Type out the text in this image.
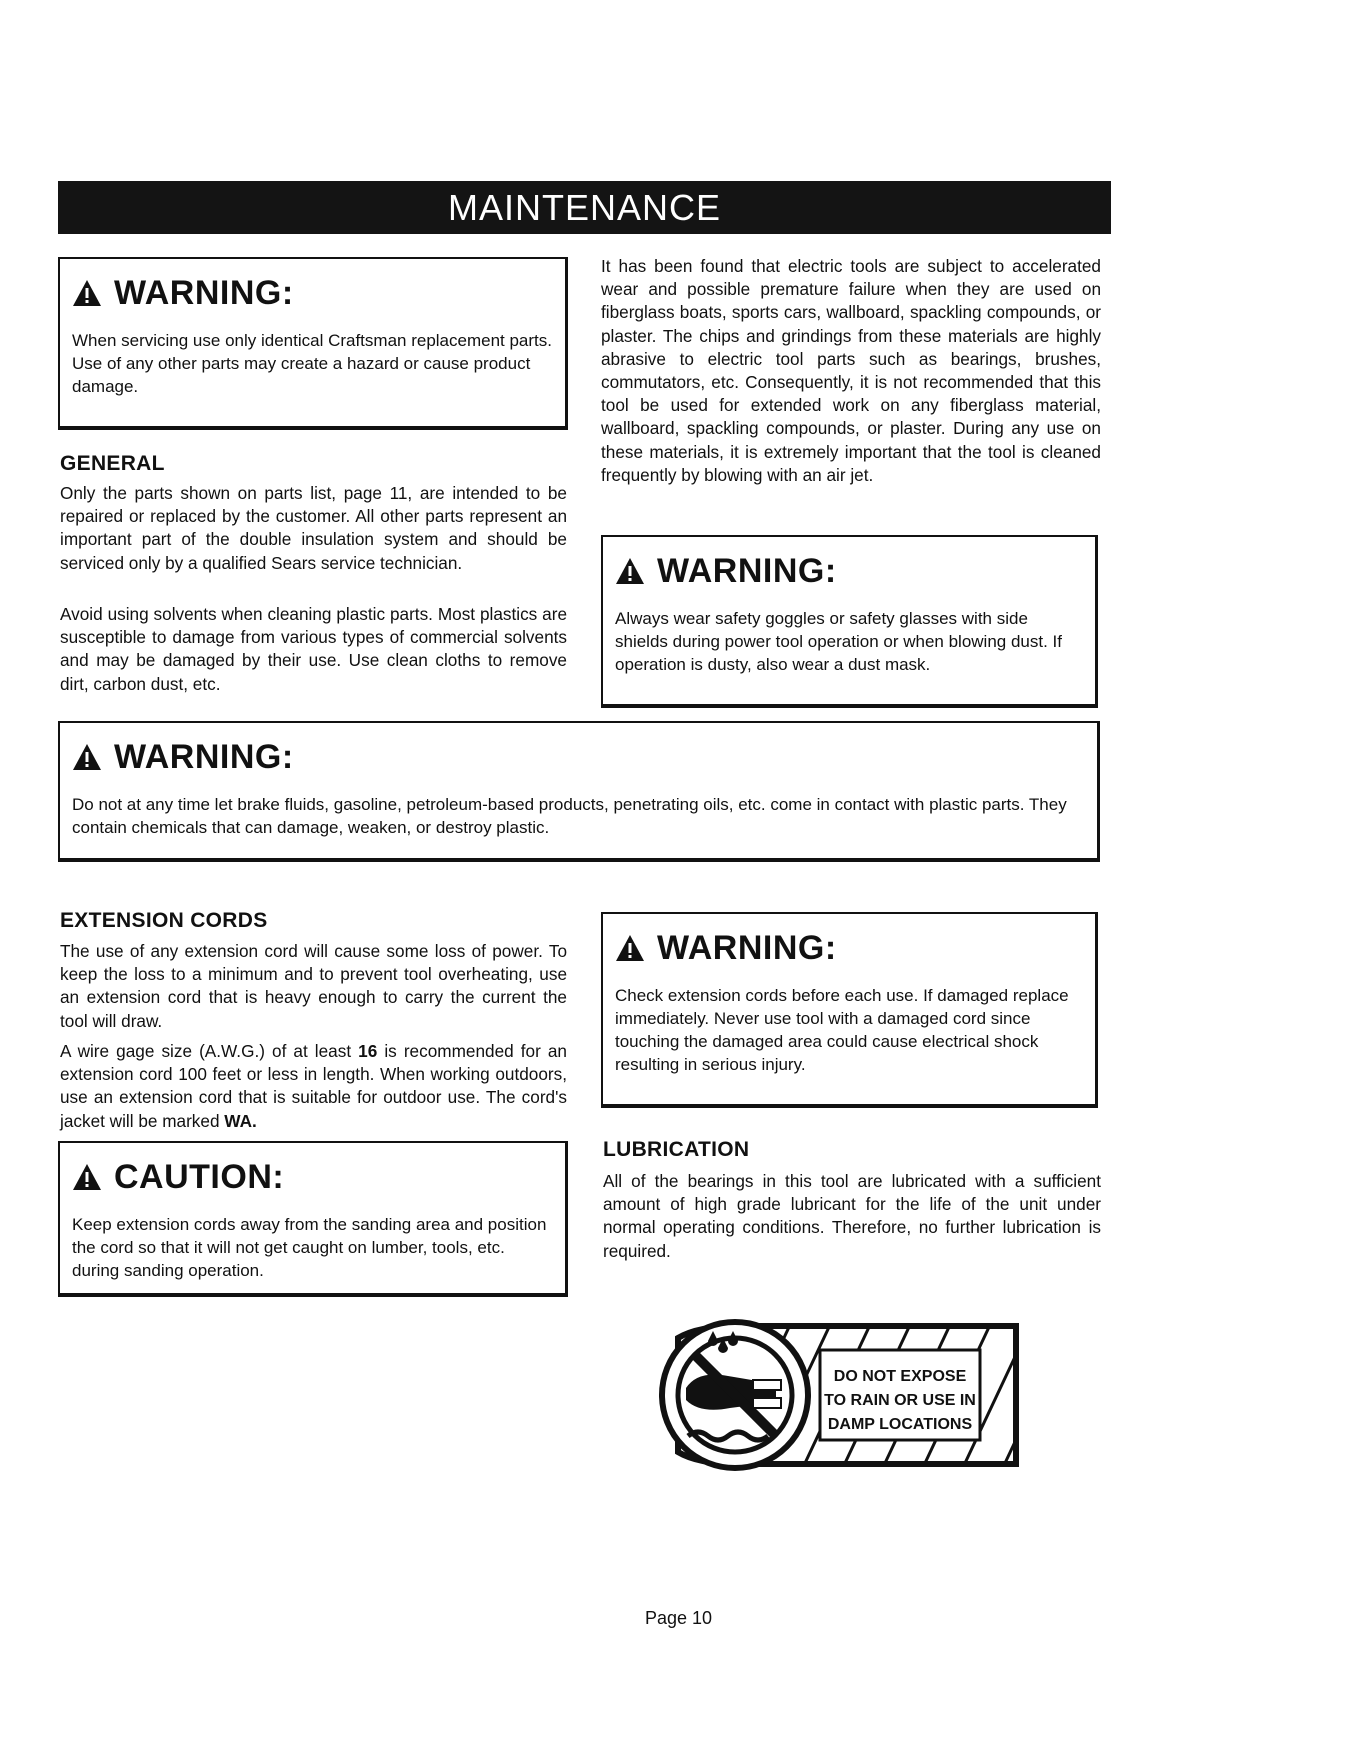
MAINTENANCE
WARNING:
When servicing use only identical Craftsman replacement parts. Use of any other parts may create a hazard or cause product damage.
GENERAL

Only the parts shown on parts list, page 11, are intended to be repaired or replaced by the customer. All other parts represent an important part of the double insulation system and should be serviced only by a qualified Sears service technician.

Avoid using solvents when cleaning plastic parts. Most plastics are susceptible to damage from various types of commercial solvents and may be damaged by their use. Use clean cloths to remove dirt, carbon dust, etc.

It has been found that electric tools are subject to accelerated wear and possible premature failure when they are used on fiberglass boats, sports cars, wallboard, spackling compounds, or plaster. The chips and grindings from these materials are highly abrasive to electric tool parts such as bearings, brushes, commutators, etc. Consequently, it is not recommended that this tool be used for extended work on any fiberglass material, wallboard, spackling compounds, or plaster. During any use on these materials, it is extremely important that the tool is cleaned frequently by blowing with an air jet.

WARNING:
Always wear safety goggles or safety glasses with side shields during power tool operation or when blowing dust. If operation is dusty, also wear a dust mask.
WARNING:
Do not at any time let brake fluids, gasoline, petroleum-based products, penetrating oils, etc. come in contact with plastic parts. They contain chemicals that can damage, weaken, or destroy plastic.
EXTENSION CORDS

The use of any extension cord will cause some loss of power. To keep the loss to a minimum and to prevent tool overheating, use an extension cord that is heavy enough to carry the current the tool will draw.

A wire gage size (A.W.G.) of at least 16 is recommended for an extension cord 100 feet or less in length. When working outdoors, use an extension cord that is suitable for outdoor use. The cord's jacket will be marked WA.

CAUTION:
Keep extension cords away from the sanding area and position the cord so that it will not get caught on lumber, tools, etc. during sanding operation.
WARNING:
Check extension cords before each use. If damaged replace immediately. Never use tool with a damaged cord since touching the damaged area could cause electrical shock resulting in serious injury.
LUBRICATION

All of the bearings in this tool are lubricated with a sufficient amount of high grade lubricant for the life of the unit under normal operating conditions. Therefore, no further lubrication is required.

DO NOT EXPOSE
TO RAIN OR USE IN
DAMP LOCATIONS
Page 10
